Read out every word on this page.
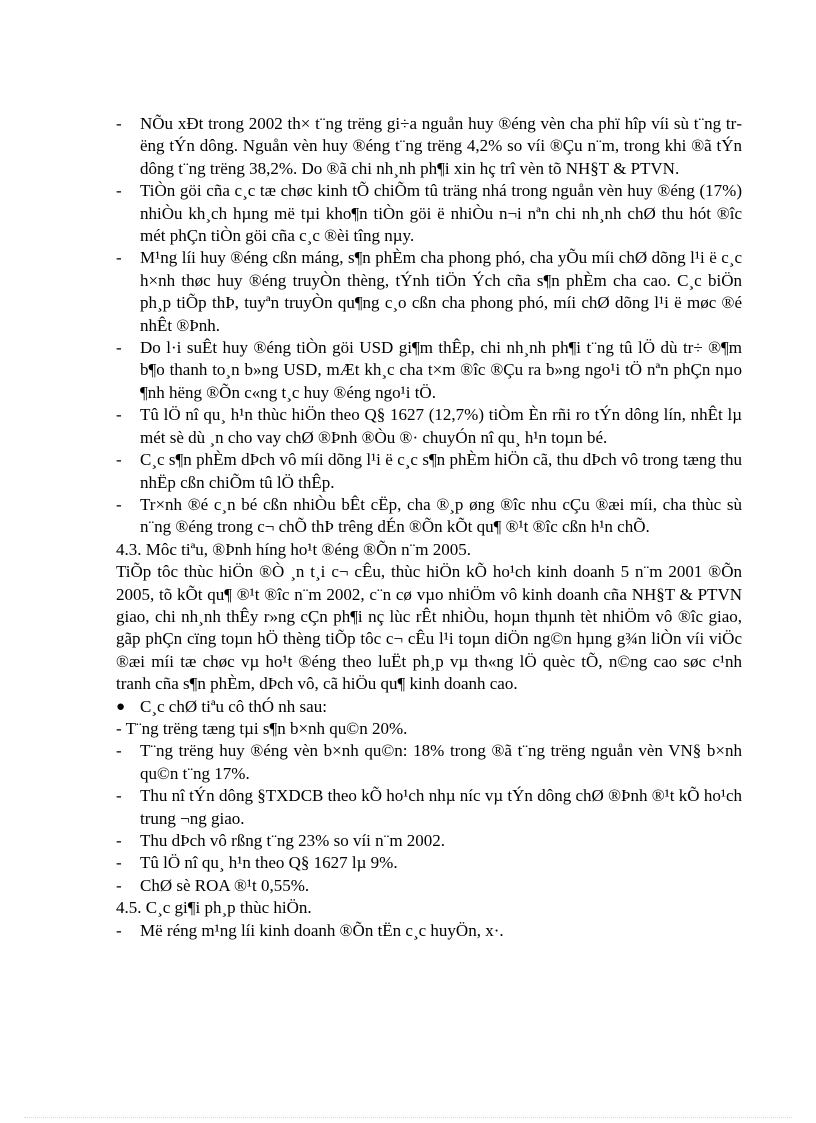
-	NÕu xÐt trong 2002 th× t¨ng trëng gi÷a nguån huy ®éng vèn cha phï hîp víi sù t¨ng trëng tÝn dông. Nguån vèn huy ®éng t¨ng trëng 4,2% so víi ®Çu n¨m, trong khi ®ã tÝn dông t¨ng trëng 38,2%. Do ®ã chi nh¸nh ph¶i xin hç trî vèn tõ NH§T & PTVN.
-	TiÒn göi cña c¸c tæ chøc kinh tÕ chiÕm tû träng nhá trong nguån vèn huy ®éng (17%) nhiÒu kh¸ch hµng më tµi kho¶n tiÒn göi ë nhiÒu n¬i nªn chi nh¸nh chØ thu hót ®îc mét phÇn tiÒn göi cña c¸c ®èi tîng nµy.
-	M¹ng líi huy ®éng cßn máng, s¶n phÈm cha phong phó, cha yÕu míi chØ dõng l¹i ë c¸c h×nh thøc huy ®éng truyÒn thèng, tÝnh tiÖn Ých cña s¶n phÈm cha cao. C¸c biÖn ph¸p tiÕp thÞ, tuyªn truyÒn qu¶ng c¸o cßn cha phong phó, míi chØ dõng l¹i ë møc ®é nhÊt ®Þnh.
-	Do l·i suÊt huy ®éng tiÒn göi USD gi¶m thÊp, chi nh¸nh ph¶i t¨ng tû lÖ dù tr÷ ®¶m b¶o thanh to¸n b»ng USD, mÆt kh¸c cha t×m ®îc ®Çu ra b»ng ngo¹i tÖ nªn phÇn nµo ¶nh hëng ®Õn c«ng t¸c huy ®éng ngo¹i tÖ.
-	Tû lÖ nî qu¸ h¹n thùc hiÖn theo Q§ 1627 (12,7%) tiÒm Èn rñi ro tÝn dông lín, nhÊt lµ mét sè dù ¸n cho vay chØ ®Þnh ®Òu ®· chuyÓn nî qu¸ h¹n toµn bé.
-	C¸c s¶n phÈm dÞch vô míi dõng l¹i ë c¸c s¶n phÈm hiÖn cã, thu dÞch vô trong tæng thu nhËp cßn chiÕm tû lÖ thÊp.
-	Tr×nh ®é c¸n bé cßn nhiÒu bÊt cËp, cha ®¸p øng ®îc nhu cÇu ®æi míi, cha thùc sù n¨ng ®éng trong c¬ chÕ thÞ trêng dÉn ®Õn kÕt qu¶ ®¹t ®îc cßn h¹n chÕ.

4.3. Môc tiªu, ®Þnh híng ho¹t ®éng ®Õn n¨m 2005.

TiÕp tôc thùc hiÖn ®Ò ¸n t¸i c¬ cÊu, thùc hiÖn kÕ ho¹ch kinh doanh 5 n¨m 2001 ®Õn 2005, tõ kÕt qu¶ ®¹t ®îc n¨m 2002, c¨n cø vµo nhiÖm vô kinh doanh cña NH§T & PTVN giao, chi nh¸nh thÊy r»ng cÇn ph¶i nç lùc rÊt nhiÒu, hoµn thµnh tèt nhiÖm vô ®îc giao, gãp phÇn cïng toµn hÖ thèng tiÕp tôc c¬ cÊu l¹i toµn diÖn ng©n hµng g¾n liÒn víi viÖc ®æi míi tæ chøc vµ ho¹t ®éng theo luËt ph¸p vµ th«ng lÖ quèc tÕ, n©ng cao søc c¹nh tranh cña s¶n phÈm, dÞch vô, cã hiÖu qu¶ kinh doanh cao.

● C¸c chØ tiªu cô thÓ nh sau:

- T¨ng trëng tæng tµi s¶n b×nh qu©n 20%.

-	T¨ng trëng huy ®éng vèn b×nh qu©n: 18% trong ®ã t¨ng trëng nguån vèn VN§ b×nh qu©n t¨ng 17%.
-	Thu nî tÝn dông §TXDCB theo kÕ ho¹ch nhµ níc vµ tÝn dông chØ ®Þnh ®¹t kÕ ho¹ch trung ¬ng giao.
-	Thu dÞch vô rßng t¨ng 23% so víi n¨m 2002.
-	Tû lÖ nî qu¸ h¹n theo Q§ 1627 lµ 9%.
-	ChØ sè ROA ®¹t 0,55%.

4.5. C¸c gi¶i ph¸p thùc hiÖn.

-	Më réng m¹ng líi kinh doanh ®Õn tËn c¸c huyÖn, x·.
